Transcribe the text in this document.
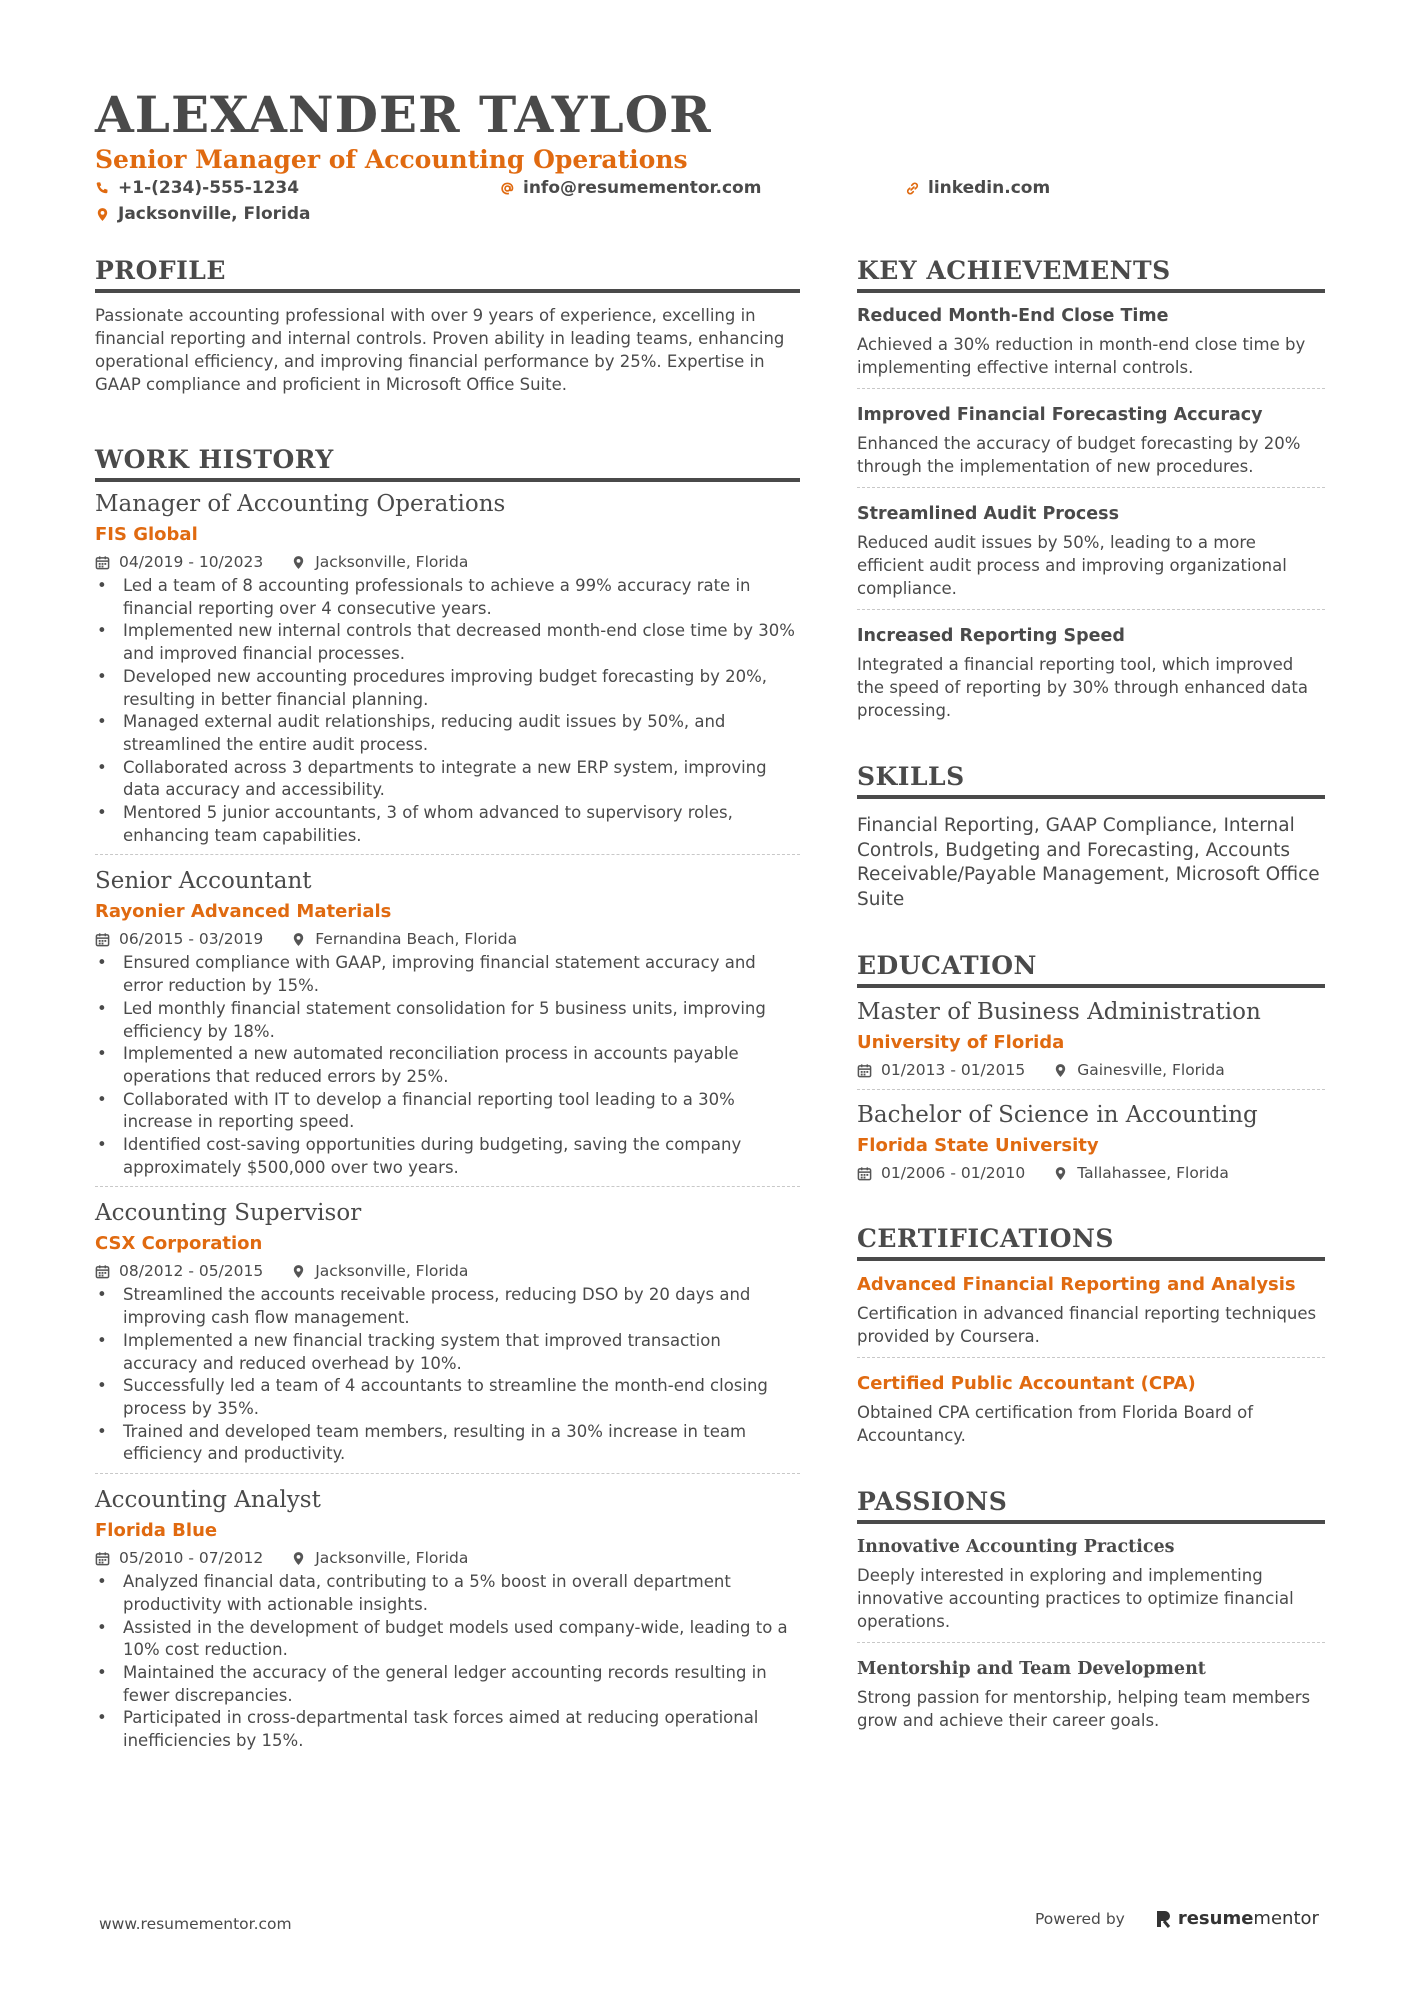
ALEXANDER TAYLOR
Senior Manager of Accounting Operations
+1-(234)-555-1234	info@resumementor.com	linkedin.com
Jacksonville, Florida
PROFILE
Passionate accounting professional with over 9 years of experience, excelling in financial reporting and internal controls. Proven ability in leading teams, enhancing operational efficiency, and improving financial performance by 25%. Expertise in GAAP compliance and proficient in Microsoft Office Suite.
WORK HISTORY
Manager of Accounting Operations
FIS Global
04/2019 - 10/2023	Jacksonville, Florida
• Led a team of 8 accounting professionals to achieve a 99% accuracy rate in financial reporting over 4 consecutive years.
• Implemented new internal controls that decreased month-end close time by 30% and improved financial processes.
• Developed new accounting procedures improving budget forecasting by 20%, resulting in better financial planning.
• Managed external audit relationships, reducing audit issues by 50%, and streamlined the entire audit process.
• Collaborated across 3 departments to integrate a new ERP system, improving data accuracy and accessibility.
• Mentored 5 junior accountants, 3 of whom advanced to supervisory roles, enhancing team capabilities.
Senior Accountant
Rayonier Advanced Materials
06/2015 - 03/2019	Fernandina Beach, Florida
• Ensured compliance with GAAP, improving financial statement accuracy and error reduction by 15%.
• Led monthly financial statement consolidation for 5 business units, improving efficiency by 18%.
• Implemented a new automated reconciliation process in accounts payable operations that reduced errors by 25%.
• Collaborated with IT to develop a financial reporting tool leading to a 30% increase in reporting speed.
• Identified cost-saving opportunities during budgeting, saving the company approximately $500,000 over two years.
Accounting Supervisor
CSX Corporation
08/2012 - 05/2015	Jacksonville, Florida
• Streamlined the accounts receivable process, reducing DSO by 20 days and improving cash flow management.
• Implemented a new financial tracking system that improved transaction accuracy and reduced overhead by 10%.
• Successfully led a team of 4 accountants to streamline the month-end closing process by 35%.
• Trained and developed team members, resulting in a 30% increase in team efficiency and productivity.
Accounting Analyst
Florida Blue
05/2010 - 07/2012	Jacksonville, Florida
• Analyzed financial data, contributing to a 5% boost in overall department productivity with actionable insights.
• Assisted in the development of budget models used company-wide, leading to a 10% cost reduction.
• Maintained the accuracy of the general ledger accounting records resulting in fewer discrepancies.
• Participated in cross-departmental task forces aimed at reducing operational inefficiencies by 15%.
KEY ACHIEVEMENTS
Reduced Month-End Close Time
Achieved a 30% reduction in month-end close time by implementing effective internal controls.
Improved Financial Forecasting Accuracy
Enhanced the accuracy of budget forecasting by 20% through the implementation of new procedures.
Streamlined Audit Process
Reduced audit issues by 50%, leading to a more efficient audit process and improving organizational compliance.
Increased Reporting Speed
Integrated a financial reporting tool, which improved the speed of reporting by 30% through enhanced data processing.
SKILLS
Financial Reporting, GAAP Compliance, Internal Controls, Budgeting and Forecasting, Accounts Receivable/Payable Management, Microsoft Office Suite
EDUCATION
Master of Business Administration
University of Florida
01/2013 - 01/2015	Gainesville, Florida
Bachelor of Science in Accounting
Florida State University
01/2006 - 01/2010	Tallahassee, Florida
CERTIFICATIONS
Advanced Financial Reporting and Analysis
Certification in advanced financial reporting techniques provided by Coursera.
Certified Public Accountant (CPA)
Obtained CPA certification from Florida Board of Accountancy.
PASSIONS
Innovative Accounting Practices
Deeply interested in exploring and implementing innovative accounting practices to optimize financial operations.
Mentorship and Team Development
Strong passion for mentorship, helping team members grow and achieve their career goals.
www.resumementor.com	Powered by	resume mentor
